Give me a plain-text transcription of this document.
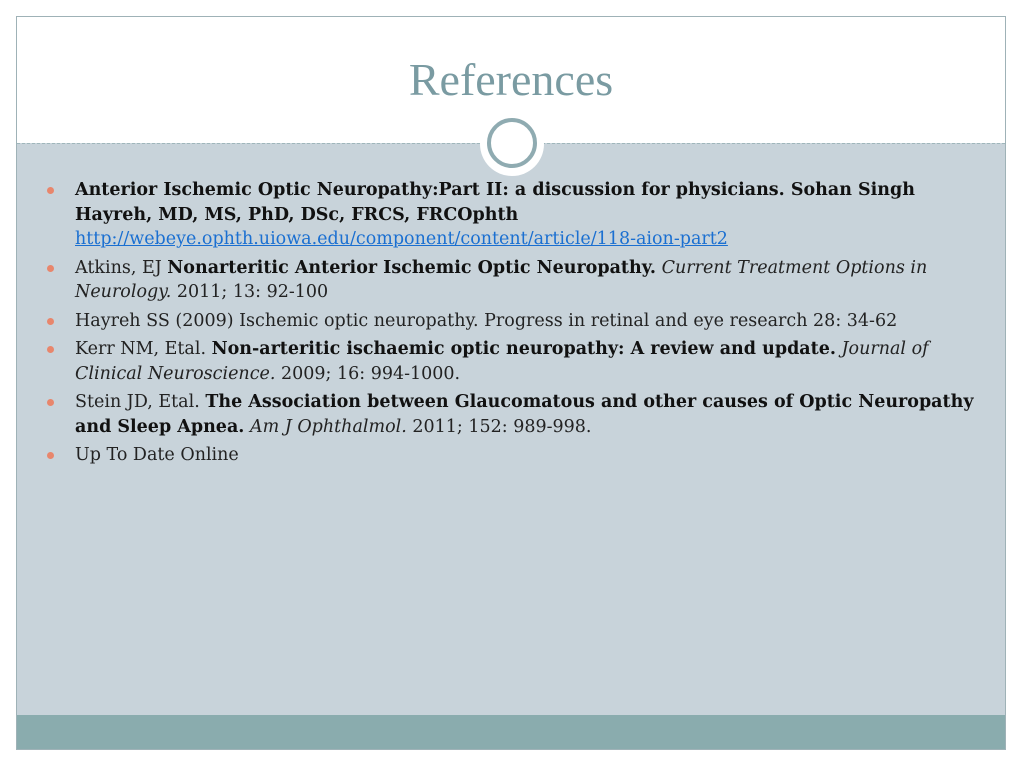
References
Anterior Ischemic Optic Neuropathy:Part II: a discussion for physicians. Sohan Singh Hayreh, MD, MS, PhD, DSc, FRCS, FRCOphth
http://webeye.ophth.uiowa.edu/component/content/article/118-aion-part2
Atkins, EJ Nonarteritic Anterior Ischemic Optic Neuropathy. Current Treatment Options in Neurology. 2011; 13: 92-100
Hayreh SS (2009) Ischemic optic neuropathy. Progress in retinal and eye research 28: 34-62
Kerr NM, Etal. Non-arteritic ischaemic optic neuropathy: A review and update. Journal of Clinical Neuroscience. 2009; 16: 994-1000.
Stein JD, Etal. The Association between Glaucomatous and other causes of Optic Neuropathy and Sleep Apnea. Am J Ophthalmol. 2011; 152: 989-998.
Up To Date Online
